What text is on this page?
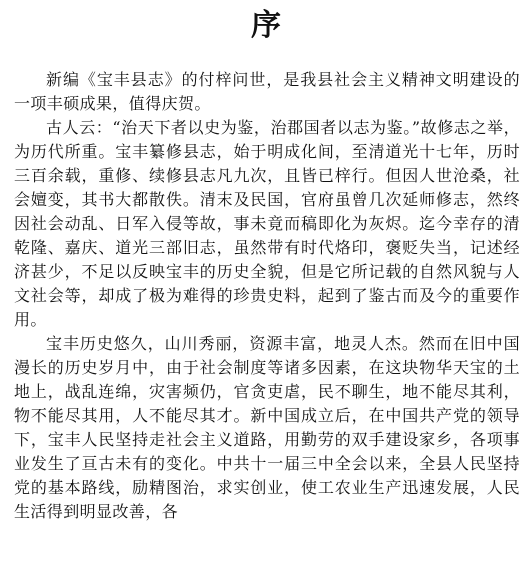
序

新编《宝丰县志》的付梓问世，是我县社会主义精神文明建设的一项丰硕成果，值得庆贺。

古人云：“治天下者以史为鉴，治郡国者以志为鉴。”故修志之举，为历代所重。宝丰纂修县志，始于明成化间，至清道光十七年，历时三百余载，重修、续修县志凡九次，且皆已梓行。但因人世沧桑，社会嬗变，其书大都散佚。清末及民国，官府虽曾几次延师修志，然终因社会动乱、日军入侵等故，事未竟而稿即化为灰烬。迄今幸存的清乾隆、嘉庆、道光三部旧志，虽然带有时代烙印，褒贬失当，记述经济甚少，不足以反映宝丰的历史全貌，但是它所记载的自然风貌与人文社会等，却成了极为难得的珍贵史料，起到了鉴古而及今的重要作用。

宝丰历史悠久，山川秀丽，资源丰富，地灵人杰。然而在旧中国漫长的历史岁月中，由于社会制度等诸多因素，在这块物华天宝的土地上，战乱连绵，灾害频仍，官贪吏虐，民不聊生，地不能尽其利，物不能尽其用，人不能尽其才。新中国成立后，在中国共产党的领导下，宝丰人民坚持走社会主义道路，用勤劳的双手建设家乡，各项事业发生了亘古未有的变化。中共十一届三中全会以来，全县人民坚持党的基本路线，励精图治，求实创业，使工农业生产迅速发展，人民生活得到明显改善，各
